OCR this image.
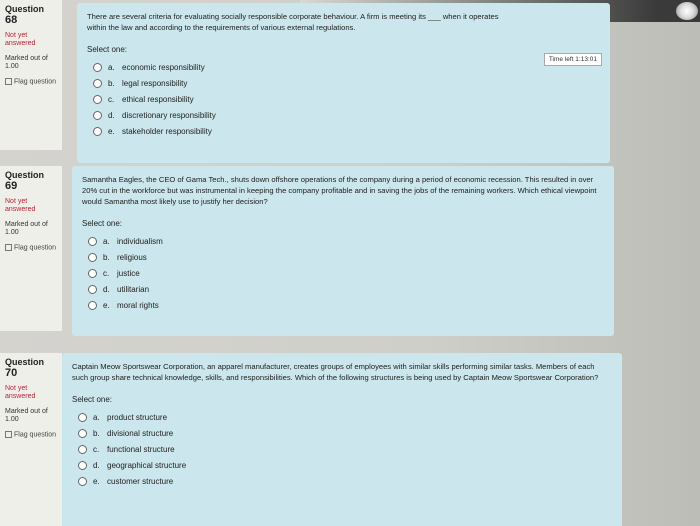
Question 68
Not yet answered
Marked out of 1.00
Flag question
There are several criteria for evaluating socially responsible corporate behaviour. A firm is meeting its ___ when it operates within the law and according to the requirements of various external regulations.
Time left 1:13:01
Select one:
a. economic responsibility
b. legal responsibility
c. ethical responsibility
d. discretionary responsibility
e. stakeholder responsibility
Question 69
Not yet answered
Marked out of 1.00
Flag question
Samantha Eagles, the CEO of Gama Tech., shuts down offshore operations of the company during a period of economic recession. This resulted in over 20% cut in the workforce but was instrumental in keeping the company profitable and in saving the jobs of the remaining workers. Which ethical viewpoint would Samantha most likely use to justify her decision?
Select one:
a. individualism
b. religious
c. justice
d. utilitarian
e. moral rights
Question 70
Not yet answered
Marked out of 1.00
Flag question
Captain Meow Sportswear Corporation, an apparel manufacturer, creates groups of employees with similar skills performing similar tasks. Members of each such group share technical knowledge, skills, and responsibilities. Which of the following structures is being used by Captain Meow Sportswear Corporation?
Select one:
a. product structure
b. divisional structure
c. functional structure
d. geographical structure
e. customer structure
